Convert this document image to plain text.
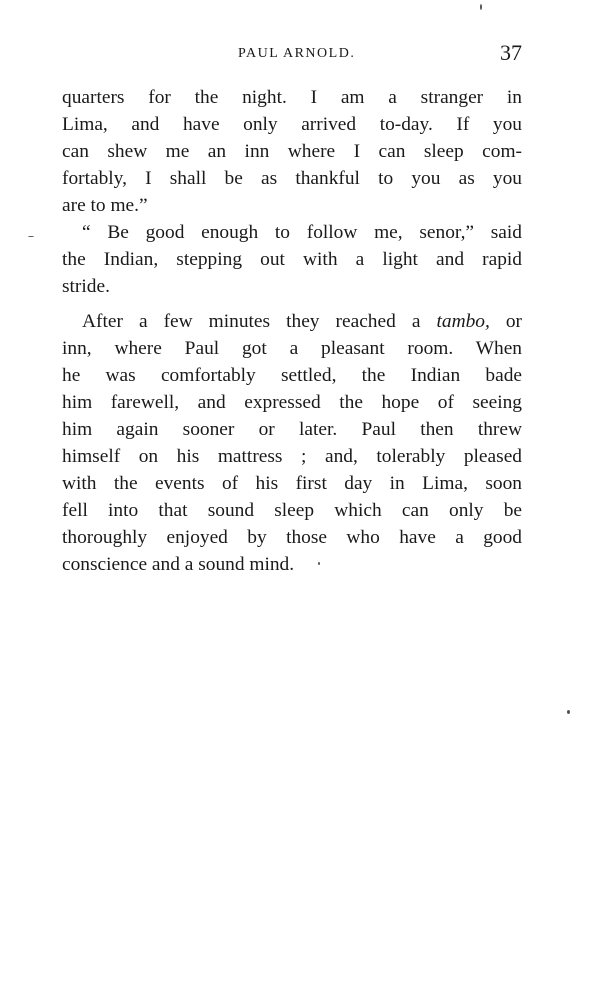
PAUL ARNOLD.	37
quarters for the night. I am a stranger in
Lima, and have only arrived to-day. If you
can shew me an inn where I can sleep com-
fortably, I shall be as thankful to you as you
are to me.”
“ Be good enough to follow me, senor,” said
the Indian, stepping out with a light and rapid
stride.
After a few minutes they reached a tambo, or
inn, where Paul got a pleasant room. When
he was comfortably settled, the Indian bade
him farewell, and expressed the hope of seeing
him again sooner or later. Paul then threw
himself on his mattress ; and, tolerably pleased
with the events of his first day in Lima, soon
fell into that sound sleep which can only be
thoroughly enjoyed by those who have a good
conscience and a sound mind.
